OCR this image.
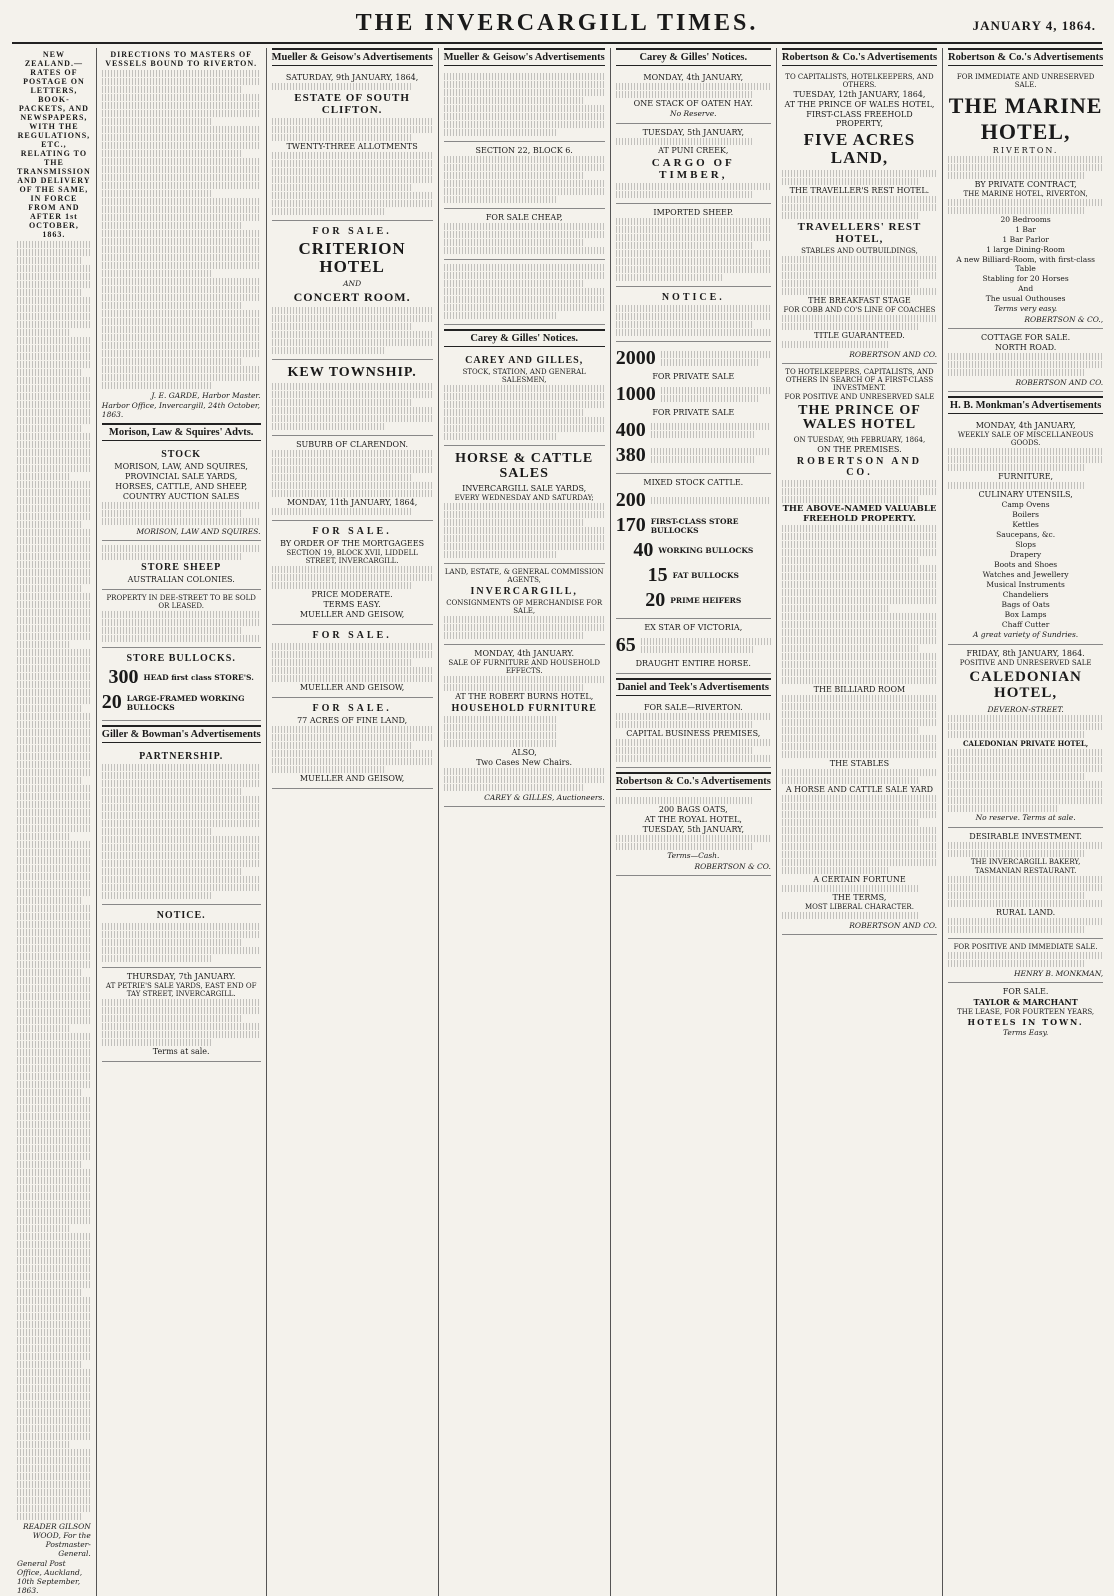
THE INVERCARGILL TIMES.	JANUARY 4, 1864.
NEW ZEALAND.—RATES OF POSTAGE ON LETTERS, BOOK-PACKETS, AND NEWSPAPERS, WITH THE REGULATIONS, ETC., RELATING TO THE TRANSMISSION AND DELIVERY OF THE SAME, IN FORCE FROM AND AFTER 1st OCTOBER, 1863.
READER GILSON WOOD, For the Postmaster-General.
General Post Office, Auckland, 10th September, 1863.
DIRECTIONS TO MASTERS OF VESSELS BOUND TO RIVERTON.
J. E. GARDE, Harbor Master.
Harbor Office, Invercargill, 24th October, 1863.
Morison, Law & Squires' Advts.
STOCK
MORISON, LAW, AND SQUIRES,
PROVINCIAL SALE YARDS,
HORSES, CATTLE, AND SHEEP,
COUNTRY AUCTION SALES
MORISON, LAW AND SQUIRES.
STORE SHEEP
AUSTRALIAN COLONIES.
PROPERTY IN DEE-STREET TO BE SOLD OR LEASED.
STORE BULLOCKS.
300 HEAD first class STORE'S.
20 LARGE-FRAMED WORKING BULLOCKS
Giller & Bowman's Advertisements
PARTNERSHIP.
NOTICE.
THURSDAY, 7th JANUARY.
AT PETRIE'S SALE YARDS, EAST END OF TAY STREET, INVERCARGILL.
Terms at sale.
Mueller & Geisow's Advertisements
SATURDAY, 9th JANUARY, 1864,
ESTATE OF SOUTH CLIFTON.
TWENTY-THREE ALLOTMENTS
FOR SALE.
CRITERION HOTEL
AND
CONCERT ROOM.
KEW TOWNSHIP.
SUBURB OF CLARENDON.
MONDAY, 11th JANUARY, 1864,
FOR SALE.
BY ORDER OF THE MORTGAGEES
SECTION 19, BLOCK XVII, LIDDELL STREET, INVERCARGILL.
PRICE MODERATE.
TERMS EASY.
MUELLER AND GEISOW,
FOR SALE.
MUELLER AND GEISOW,
FOR SALE.
77 ACRES OF FINE LAND,
MUELLER AND GEISOW,
Mueller & Geisow's Advertisements
SECTION 22, BLOCK 6.
FOR SALE CHEAP,
Carey & Gilles' Notices.
CAREY AND GILLES,
STOCK, STATION, AND GENERAL SALESMEN,
HORSE & CATTLE SALES
INVERCARGILL SALE YARDS,
EVERY WEDNESDAY AND SATURDAY;
LAND, ESTATE, & GENERAL COMMISSION AGENTS,
INVERCARGILL,
CONSIGNMENTS OF MERCHANDISE FOR SALE,
MONDAY, 4th JANUARY.
SALE OF FURNITURE AND HOUSEHOLD EFFECTS.
AT THE ROBERT BURNS HOTEL,
HOUSEHOLD FURNITURE
ALSO,
Two Cases New Chairs.
CAREY & GILLES, Auctioneers.
Carey & Gilles' Notices.
MONDAY, 4th JANUARY,
ONE STACK OF OATEN HAY.
No Reserve.
TUESDAY, 5th JANUARY,
AT PUNI CREEK,
CARGO OF TIMBER,
IMPORTED SHEEP.
NOTICE.
2000
FOR PRIVATE SALE
1000
FOR PRIVATE SALE
400
380
MIXED STOCK CATTLE.
200
170 FIRST-CLASS STORE BULLOCKS
40 WORKING BULLOCKS
15 FAT BULLOCKS
20 PRIME HEIFERS
EX STAR OF VICTORIA,
65
DRAUGHT ENTIRE HORSE.
Daniel and Teek's Advertisements
FOR SALE—RIVERTON.
CAPITAL BUSINESS PREMISES,
Robertson & Co.'s Advertisements
200 BAGS OATS,
AT THE ROYAL HOTEL,
TUESDAY, 5th JANUARY,
Terms—Cash.
ROBERTSON & CO.
Robertson & Co.'s Advertisements
TO CAPITALISTS, HOTELKEEPERS, AND OTHERS.
TUESDAY, 12th JANUARY, 1864,
AT THE PRINCE OF WALES HOTEL,
FIRST-CLASS FREEHOLD PROPERTY,
FIVE ACRES LAND,
THE TRAVELLER'S REST HOTEL.
TRAVELLERS' REST HOTEL,
STABLES AND OUTBUILDINGS,
THE BREAKFAST STAGE
FOR COBB AND CO'S LINE OF COACHES
TITLE GUARANTEED.
ROBERTSON AND CO.
TO HOTELKEEPERS, CAPITALISTS, AND OTHERS IN SEARCH OF A FIRST-CLASS INVESTMENT.
FOR POSITIVE AND UNRESERVED SALE
THE PRINCE OF WALES HOTEL
ON TUESDAY, 9th FEBRUARY, 1864,
ON THE PREMISES.
ROBERTSON AND CO.
THE ABOVE-NAMED VALUABLE FREEHOLD PROPERTY.
THE BILLIARD ROOM
THE STABLES
A HORSE AND CATTLE SALE YARD
A CERTAIN FORTUNE
THE TERMS,
MOST LIBERAL CHARACTER.
ROBERTSON AND CO.
Robertson & Co.'s Advertisements
FOR IMMEDIATE AND UNRESERVED SALE.
THE MARINE HOTEL,
RIVERTON.
BY PRIVATE CONTRACT,
THE MARINE HOTEL, RIVERTON,
20 Bedrooms
1 Bar
1 Bar Parlor
1 large Dining-Room
A new Billiard-Room, with first-class Table
Stabling for 20 Horses
And
The usual Outhouses
Terms very easy.
ROBERTSON & CO.,
COTTAGE FOR SALE.
NORTH ROAD.
ROBERTSON AND CO.
H. B. Monkman's Advertisements
MONDAY, 4th JANUARY,
WEEKLY SALE OF MISCELLANEOUS GOODS.
FURNITURE,
CULINARY UTENSILS,
Camp Ovens
Boilers
Kettles
Saucepans, &c.
Slops
Drapery
Boots and Shoes
Watches and Jewellery
Musical Instruments
Chandeliers
Bags of Oats
Box Lamps
Chaff Cutter
A great variety of Sundries.
FRIDAY, 8th JANUARY, 1864.
POSITIVE AND UNRESERVED SALE
CALEDONIAN HOTEL,
DEVERON-STREET.
CALEDONIAN PRIVATE HOTEL,
No reserve. Terms at sale.
DESIRABLE INVESTMENT.
THE INVERCARGILL BAKERY,
TASMANIAN RESTAURANT.
RURAL LAND.
FOR POSITIVE AND IMMEDIATE SALE.
HENRY B. MONKMAN,
FOR SALE.
TAYLOR & MARCHANT
THE LEASE, FOR FOURTEEN YEARS,
HOTELS IN TOWN.
Terms Easy.
